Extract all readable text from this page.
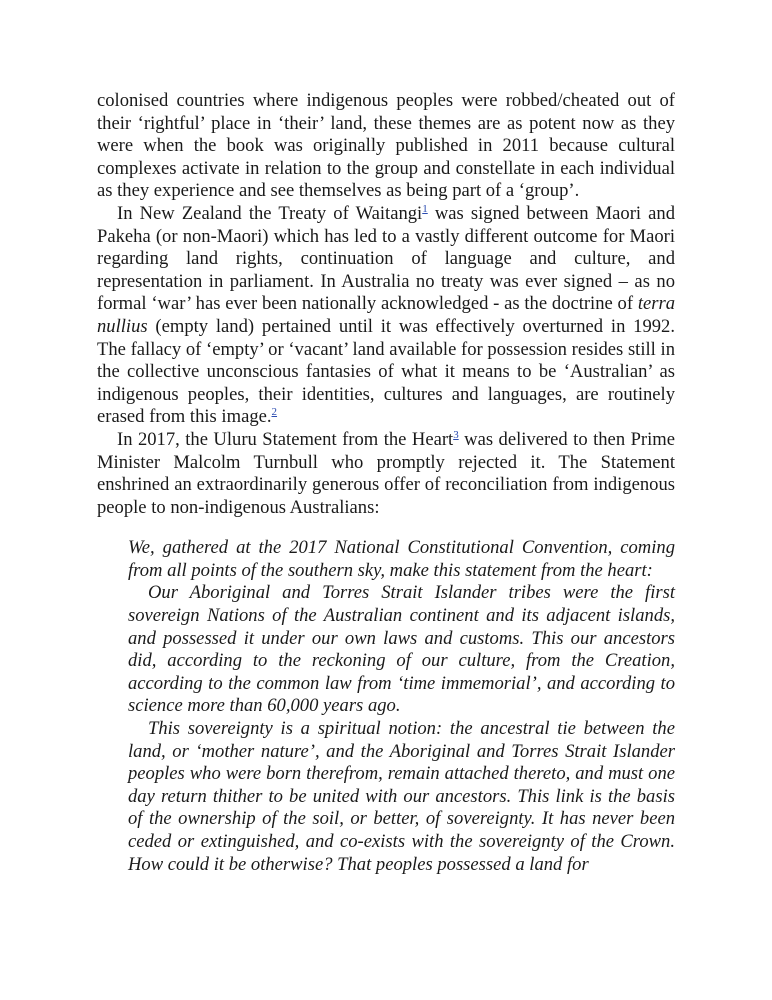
colonised countries where indigenous peoples were robbed/cheated out of their ‘rightful’ place in ‘their’ land, these themes are as potent now as they were when the book was originally published in 2011 because cultural complexes activate in relation to the group and constellate in each individual as they experience and see themselves as being part of a ‘group’.

In New Zealand the Treaty of Waitangi$^1$ was signed between Maori and Pakeha (or non-Maori) which has led to a vastly different outcome for Maori regarding land rights, continuation of language and culture, and representation in parliament. In Australia no treaty was ever signed – as no formal ‘war’ has ever been nationally acknowledged - as the doctrine of terra nullius (empty land) pertained until it was effectively overturned in 1992. The fallacy of ‘empty’ or ‘vacant’ land available for possession resides still in the collective unconscious fantasies of what it means to be ‘Australian’ as indigenous peoples, their identities, cultures and languages, are routinely erased from this image.$^2$

In 2017, the Uluru Statement from the Heart$^3$ was delivered to then Prime Minister Malcolm Turnbull who promptly rejected it. The Statement enshrined an extraordinarily generous offer of reconciliation from indigenous people to non-indigenous Australians:

We, gathered at the 2017 National Constitutional Convention, coming from all points of the southern sky, make this statement from the heart:

Our Aboriginal and Torres Strait Islander tribes were the first sovereign Nations of the Australian continent and its adjacent islands, and possessed it under our own laws and customs. This our ancestors did, according to the reckoning of our culture, from the Creation, according to the common law from ‘time immemorial’, and according to science more than 60,000 years ago.

This sovereignty is a spiritual notion: the ancestral tie between the land, or ‘mother nature’, and the Aboriginal and Torres Strait Islander peoples who were born therefrom, remain attached thereto, and must one day return thither to be united with our ancestors. This link is the basis of the ownership of the soil, or better, of sovereignty. It has never been ceded or extinguished, and co-exists with the sovereignty of the Crown. How could it be otherwise? That peoples possessed a land for
